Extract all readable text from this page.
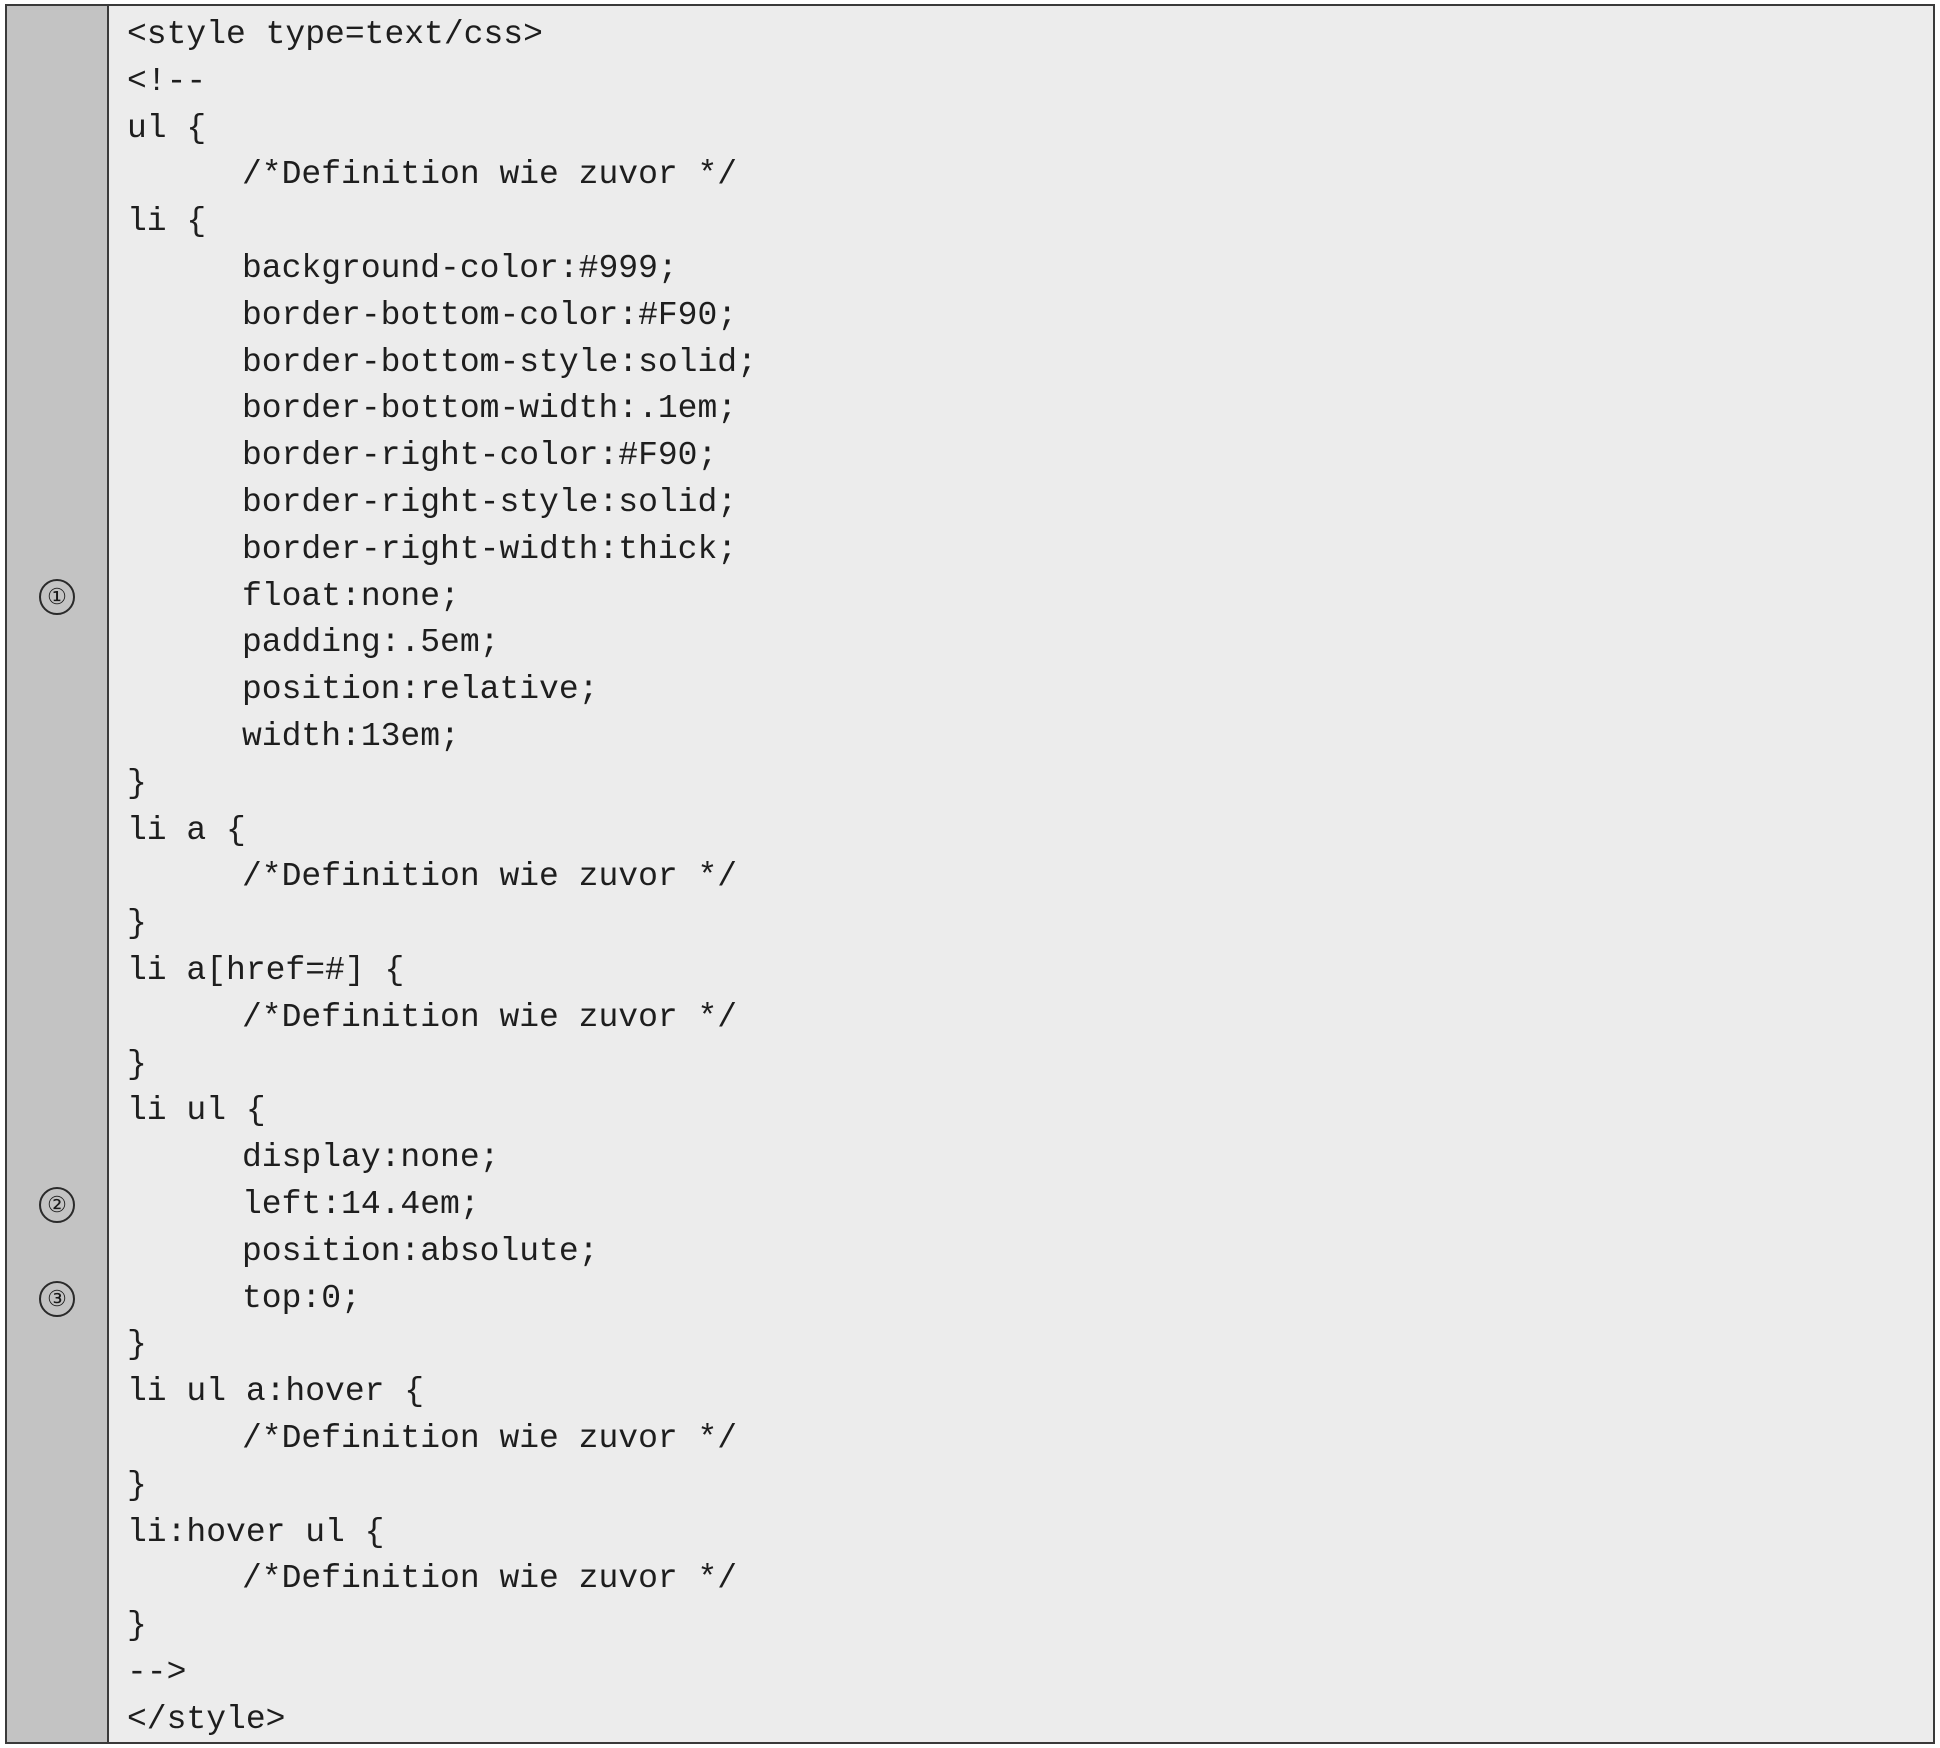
①
②
③
<style type=text/css>
<!--
ul {
/*Definition wie zuvor */
li {
background-color:#999;
border-bottom-color:#F90;
border-bottom-style:solid;
border-bottom-width:.1em;
border-right-color:#F90;
border-right-style:solid;
border-right-width:thick;
float:none;
padding:.5em;
position:relative;
width:13em;
}
li a {
/*Definition wie zuvor */
}
li a[href=#] {
/*Definition wie zuvor */
}
li ul {
display:none;
left:14.4em;
position:absolute;
top:0;
}
li ul a:hover {
/*Definition wie zuvor */
}
li:hover ul {
/*Definition wie zuvor */
}
-->
</style>
